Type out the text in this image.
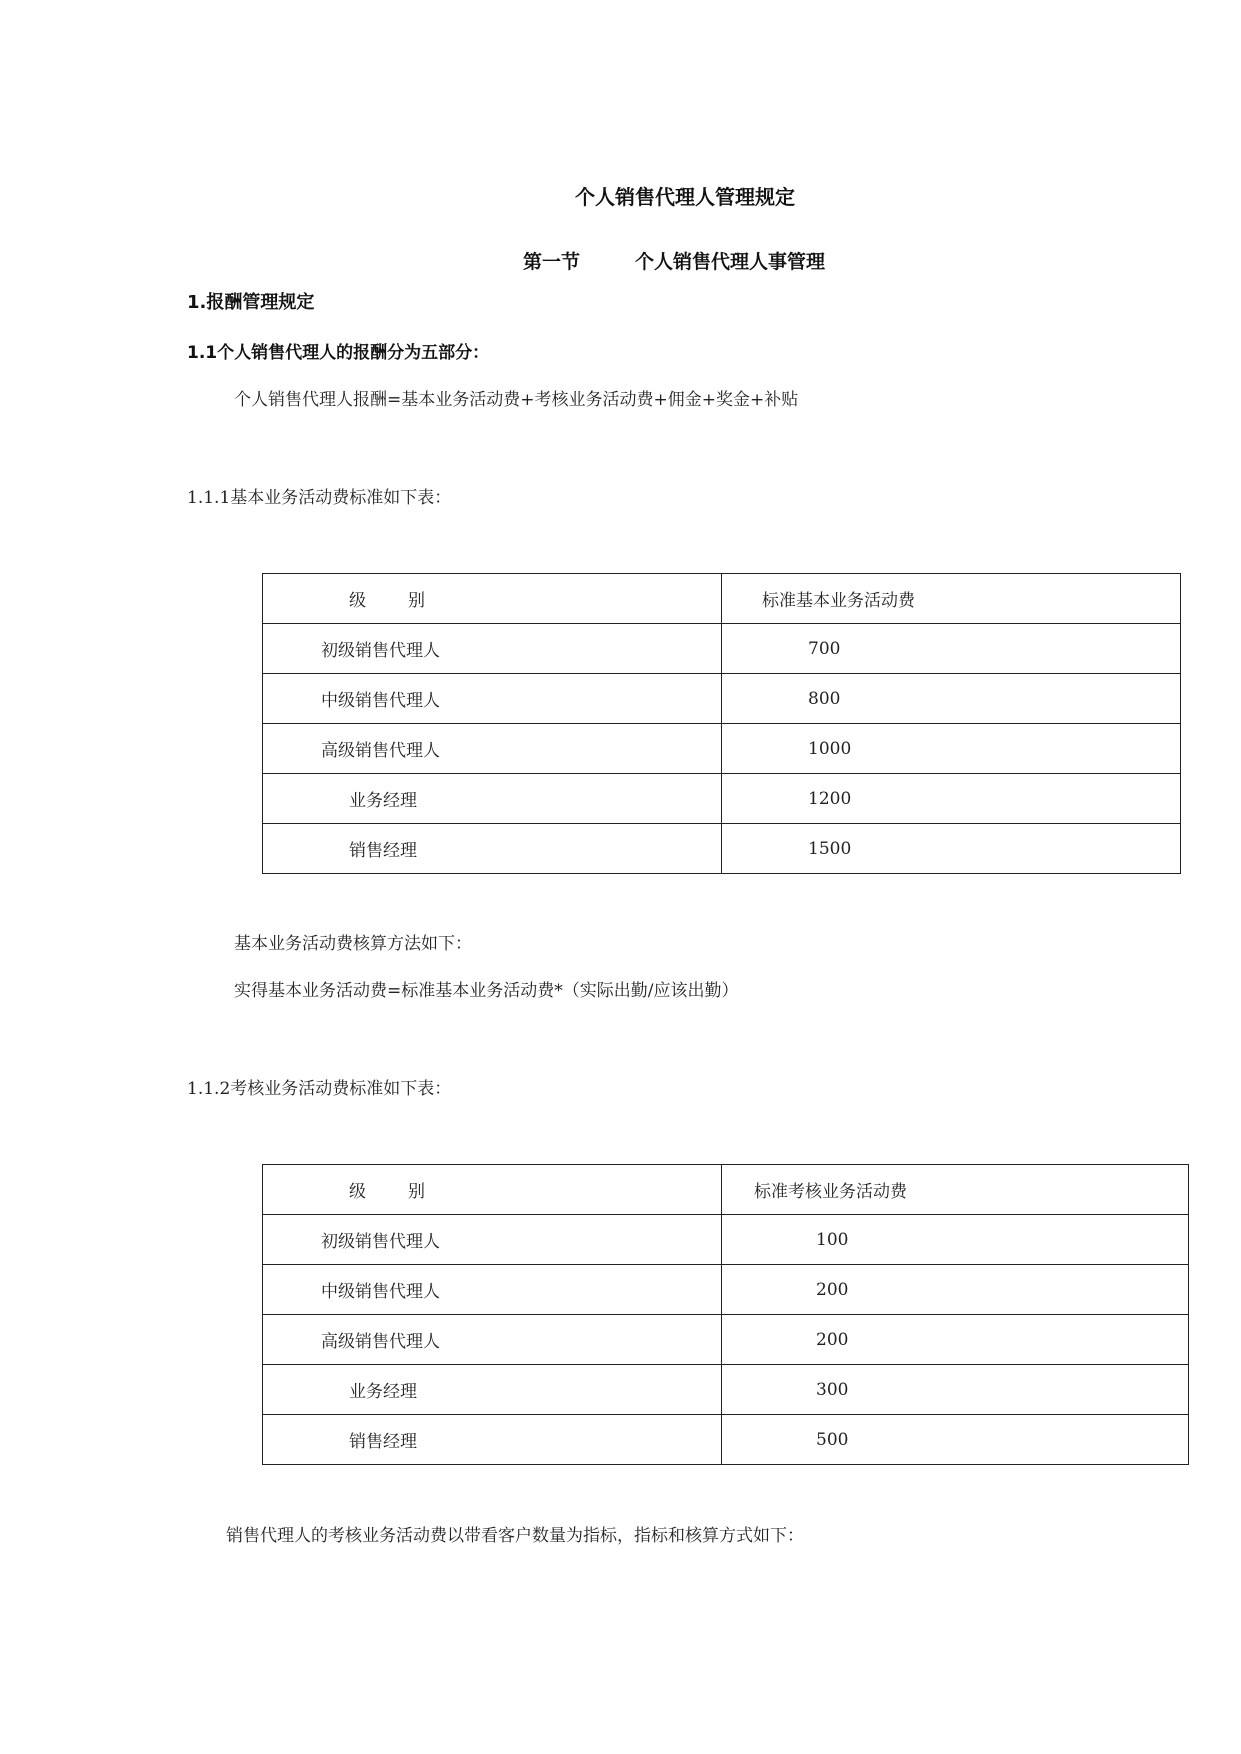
个人销售代理人管理规定
第一节	个人销售代理人事管理
1.报酬管理规定
1.1个人销售代理人的报酬分为五部分：
个人销售代理人报酬=基本业务活动费+考核业务活动费+佣金+奖金+补贴
1.1.1基本业务活动费标准如下表：
级 别	标准基本业务活动费
初级销售代理人	700
中级销售代理人	800
高级销售代理人	1000
业务经理	1200
销售经理	1500
基本业务活动费核算方法如下：
实得基本业务活动费=标准基本业务活动费*（实际出勤/应该出勤）
1.1.2考核业务活动费标准如下表：
级 别	标准考核业务活动费
初级销售代理人	100
中级销售代理人	200
高级销售代理人	200
业务经理	300
销售经理	500
销售代理人的考核业务活动费以带看客户数量为指标，指标和核算方式如下：
